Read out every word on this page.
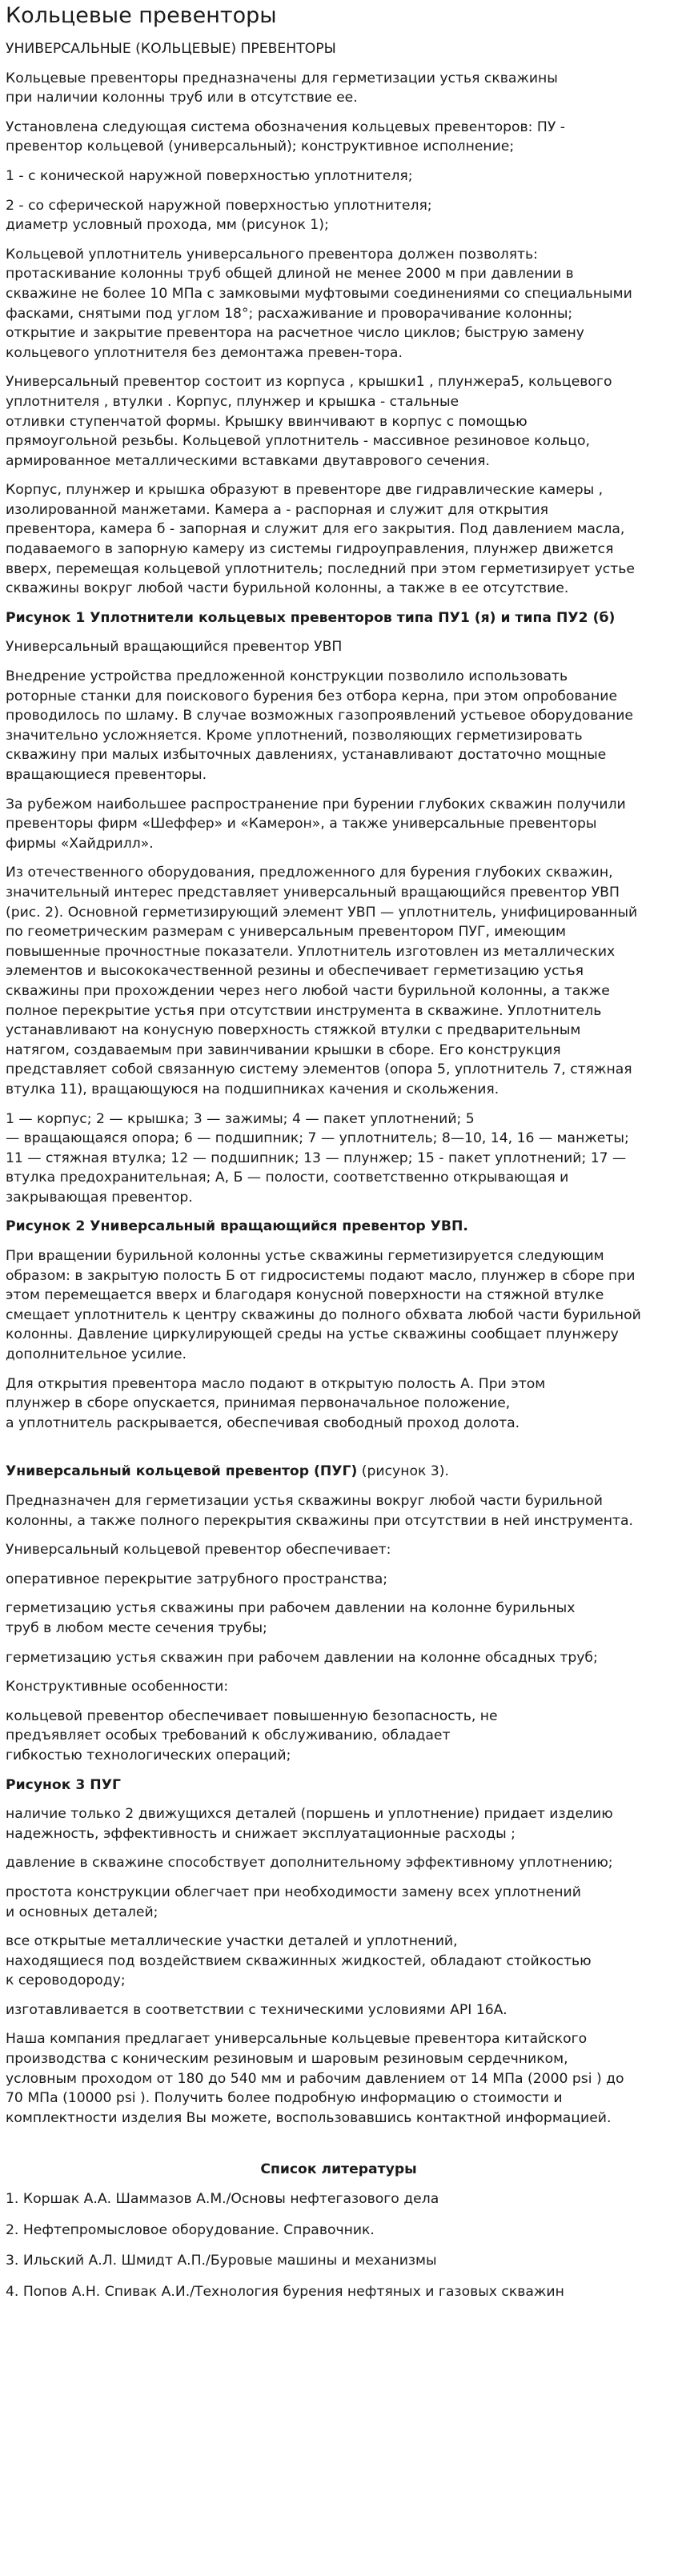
Кольцевые превенторы
УНИВЕРСАЛЬНЫЕ (КОЛЬЦЕВЫЕ) ПРЕВЕНТОРЫ
Кольцевые превенторы предназначены для герметизации устья скважины
при наличии колонны труб или в отсутствие ее.
Установлена следующая система обозначения кольцевых превенторов: ПУ -
превентор кольцевой (универсальный); конструктивное исполнение;
1 - с конической наружной поверхностью уплотнителя;
2 - со сферической наружной поверхностью уплотнителя;
диаметр условный прохода, мм (рисунок 1);
Кольцевой уплотнитель универсального превентора должен позволять:
протаскивание колонны труб общей длиной не менее 2000 м при давлении в
скважине не более 10 МПа с замковыми муфтовыми соединениями со специальными
фасками, снятыми под углом 18°; расхаживание и проворачивание колонны;
открытие и закрытие превентора на расчетное число циклов; быструю замену
кольцевого уплотнителя без демонтажа превен-тора.
Универсальный превентор состоит из корпуса , крышки1 , плунжера5, кольцевого
уплотнителя , втулки . Корпус, плунжер и крышка - стальные
отливки ступенчатой формы. Крышку ввинчивают в корпус с помощью
прямоугольной резьбы. Кольцевой уплотнитель - массивное резиновое кольцо,
армированное металлическими вставками двутаврового сечения.
Корпус, плунжер и крышка образуют в превенторе две гидравлические камеры ,
изолированной манжетами. Камера а - распорная и служит для открытия
превентора, камера б - запорная и служит для его закрытия. Под давлением масла,
подаваемого в запорную камеру из системы гидроуправления, плунжер движется
вверх, перемещая кольцевой уплотнитель; последний при этом герметизирует устье
скважины вокруг любой части бурильной колонны, а также в ее отсутствие.
Рисунок 1 Уплотнители кольцевых превенторов типа ПУ1 (я) и типа ПУ2 (б)
Универсальный вращающийся превентор УВП
Внедрение устройства предложенной конструкции позволило использовать
роторные станки для поискового бурения без отбора керна, при этом опробование
проводилось по шламу. В случае возможных газопроявлений устьевое оборудование
значительно усложняется. Кроме уплотнений, позволяющих герметизировать
скважину при малых избыточных давлениях, устанавливают достаточно мощные
вращающиеся превенторы.
За рубежом наибольшее распространение при бурении глубоких скважин получили
превенторы фирм «Шеффер» и «Камерон», а также универсальные превенторы
фирмы «Хайдрилл».
Из отечественного оборудования, предложенного для бурения глубоких скважин,
значительный интерес представляет универсальный вращающийся превентор УВП
(рис. 2). Основной герметизирующий элемент УВП — уплотнитель, унифицированный
по геометрическим размерам с универсальным превентором ПУГ, имеющим
повышенные прочностные показатели. Уплотнитель изготовлен из металлических
элементов и высококачественной резины и обеспечивает герметизацию устья
скважины при прохождении через него любой части бурильной колонны, а также
полное перекрытие устья при отсутствии инструмента в скважине. Уплотнитель
устанавливают на конусную поверхность стяжкой втулки с предварительным
натягом, создаваемым при завинчивании крышки в сборе. Его конструкция
представляет собой связанную систему элементов (опора 5, уплотнитель 7, стяжная
втулка 11), вращающуюся на подшипниках качения и скольжения.
1 — корпус; 2 — крышка; 3 — зажимы; 4 — пакет уплотнений; 5
— вращающаяся опора; 6 — подшипник; 7 — уплотнитель; 8—10, 14, 16 — манжеты;
11 — стяжная втулка; 12 — подшипник; 13 — плунжер; 15 - пакет уплотнений; 17 —
втулка предохранительная; А, Б — полости, соответственно открывающая и
закрывающая превентор.
Рисунок 2 Универсальный вращающийся превентор УВП.
При вращении бурильной колонны устье скважины герметизируется следующим
образом: в закрытую полость Б от гидросистемы подают масло, плунжер в сборе при
этом перемещается вверх и благодаря конусной поверхности на стяжной втулке
смещает уплотнитель к центру скважины до полного обхвата любой части бурильной
колонны. Давление циркулирующей среды на устье скважины сообщает плунжеру
дополнительное усилие.
Для открытия превентора масло подают в открытую полость А. При этом
плунжер в сборе опускается, принимая первоначальное положение,
а уплотнитель раскрывается, обеспечивая свободный проход долота.
Универсальный кольцевой превентор (ПУГ) (рисунок 3).
Предназначен для герметизации устья скважины вокруг любой части бурильной
колонны, а также полного перекрытия скважины при отсутствии в ней инструмента.
Универсальный кольцевой превентор обеспечивает:
оперативное перекрытие затрубного пространства;
герметизацию устья скважины при рабочем давлении на колонне бурильных
труб в любом месте сечения трубы;
герметизацию устья скважин при рабочем давлении на колонне обсадных труб;
Конструктивные особенности:
кольцевой превентор обеспечивает повышенную безопасность, не
предъявляет особых требований к обслуживанию, обладает
гибкостью технологических операций;
Рисунок 3 ПУГ
наличие только 2 движущихся деталей (поршень и уплотнение) придает изделию
надежность, эффективность и снижает эксплуатационные расходы ;
давление в скважине способствует дополнительному эффективному уплотнению;
простота конструкции облегчает при необходимости замену всех уплотнений
и основных деталей;
все открытые металлические участки деталей и уплотнений,
находящиеся под воздействием скважинных жидкостей, обладают стойкостью
к сероводороду;
изготавливается в соответствии с техническими условиями API 16A.
Наша компания предлагает универсальные кольцевые превентора китайского
производства с коническим резиновым и шаровым резиновым сердечником,
условным проходом от 180 до 540 мм и рабочим давлением от 14 МПа (2000 psi ) до
70 МПа (10000 psi ). Получить более подробную информацию о стоимости и
комплектности изделия Вы можете, воспользовавшись контактной информацией.
Список литературы
1. Коршак А.А. Шаммазов А.М./Основы нефтегазового дела
2. Нефтепромысловое оборудование. Справочник.
3. Ильский А.Л. Шмидт А.П./Буровые машины и механизмы
4. Попов А.Н. Спивак А.И./Технология бурения нефтяных и газовых скважин
